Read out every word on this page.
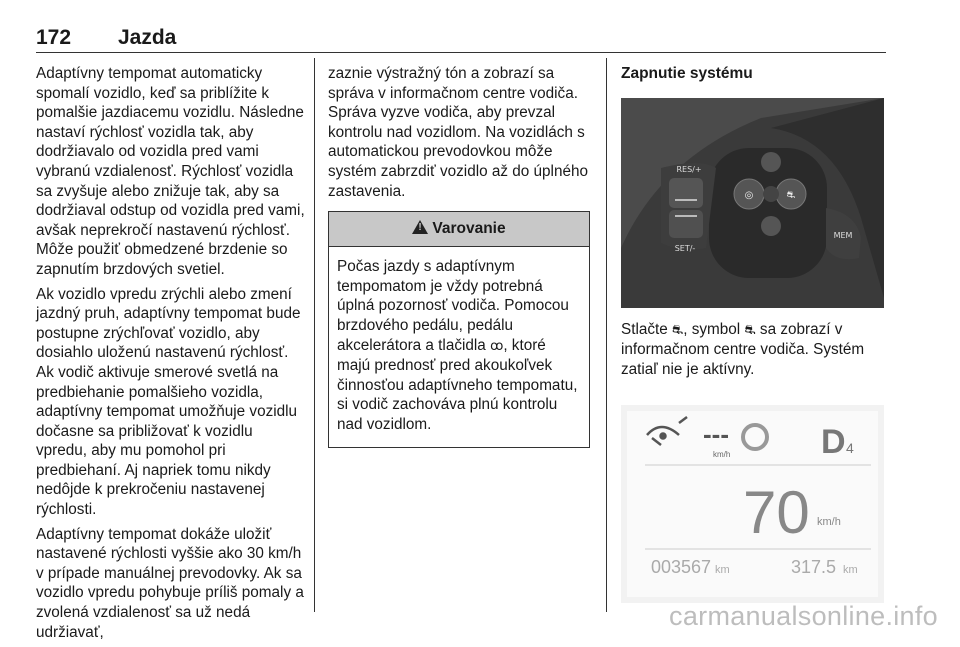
172 Jazda

Adaptívny tempomat automaticky spomalí vozidlo, keď sa priblížite k pomalšie jazdiacemu vozidlu. Následne nastaví rýchlosť vozidla tak, aby dodržiavalo od vozidla pred vami vybranú vzdialenosť. Rýchlosť vozidla sa zvyšuje alebo znižuje tak, aby sa dodržiaval odstup od vozidla pred vami, avšak neprekročí nastavenú rýchlosť. Môže použiť obmedzené brzdenie so zapnutím brzdových svetiel.

Ak vozidlo vpredu zrýchli alebo zmení jazdný pruh, adaptívny tempomat bude postupne zrýchľovať vozidlo, aby dosiahlo uloženú nastavenú rýchlosť. Ak vodič aktivuje smerové svetlá na predbiehanie pomalšieho vozidla, adaptívny tempomat umožňuje vozidlu dočasne sa približovať k vozidlu vpredu, aby mu pomohol pri predbiehaní. Aj napriek tomu nikdy nedôjde k prekročeniu nastavenej rýchlosti.

Adaptívny tempomat dokáže uložiť nastavené rýchlosti vyššie ako 30 km/h v prípade manuálnej prevodovky. Ak sa vozidlo vpredu pohybuje príliš pomaly a zvolená vzdialenosť sa už nedá udržiavať,

zaznie výstražný tón a zobrazí sa správa v informačnom centre vodiča. Správa vyzve vodiča, aby prevzal kontrolu nad vozidlom. Na vozidlách s automatickou prevodovkou môže systém zabrzdiť vozidlo až do úplného zastavenia.

!Varovanie
Počas jazdy s adaptívnym tempomatom je vždy potrebná úplná pozornosť vodiča. Pomocou brzdového pedálu, pedálu akcelerátora a tlačidla ꝏ, ktoré majú prednosť pred akoukoľvek činnosťou adaptívneho tempomatu, si vodič zachováva plnú kontrolu nad vozidlom.
Zapnutie systému
◎	⛐
RES/+
SET/-
MEM

Stlačte ⛐, symbol ⛐ sa zobrazí v informačnom centre vodiča. Systém zatiaľ nie je aktívny.

---
km/h	D 4
70 km/h
003567 km	317.5 km
carmanualsonline.info
